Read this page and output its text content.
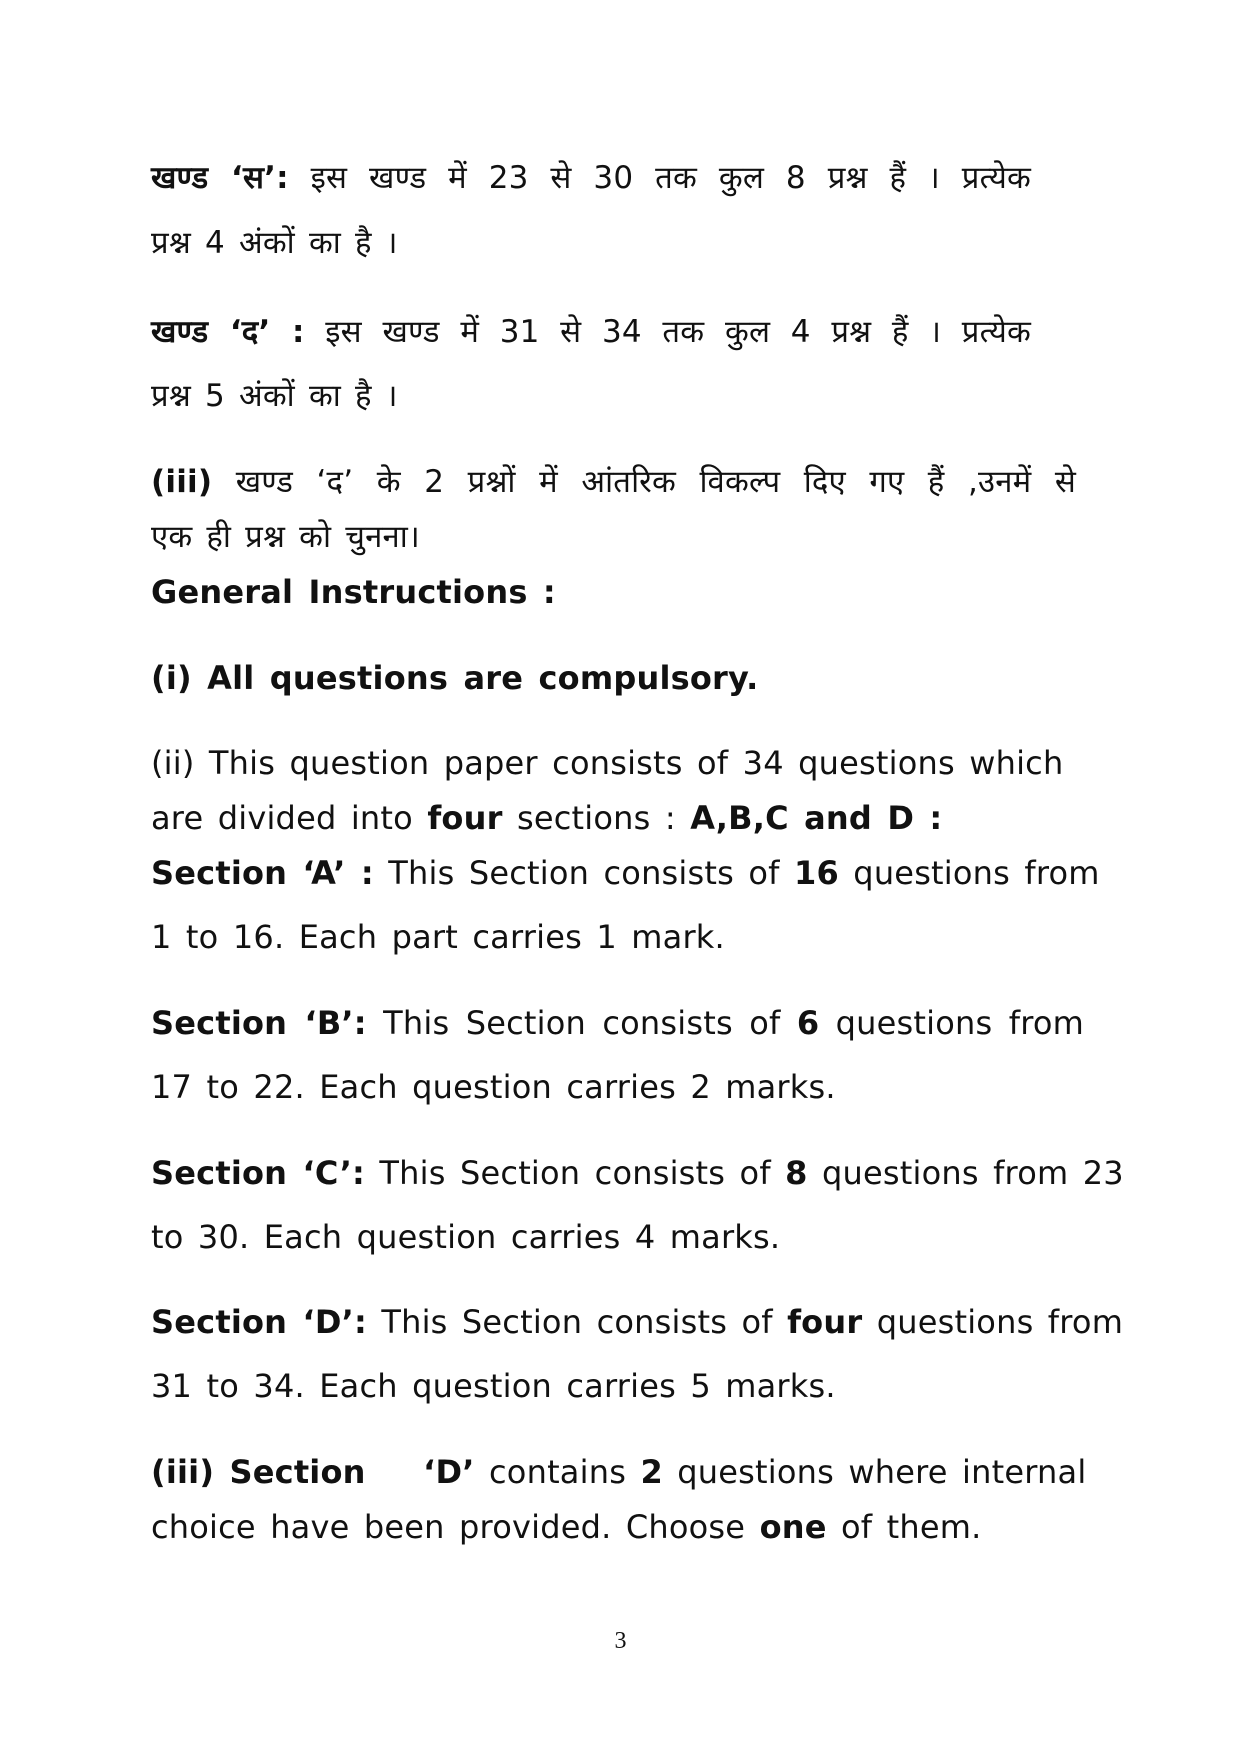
खण्ड ‘स’: इस खण्ड में 23 से 30 तक कुल 8 प्रश्न हैं । प्रत्येक
प्रश्न 4 अंकों का है ।
खण्ड ‘द’ : इस खण्ड में 31 से 34 तक कुल 4 प्रश्न हैं । प्रत्येक
प्रश्न 5 अंकों का है ।
(iii) खण्ड ‘द’ के 2 प्रश्नों में आंतरिक विकल्प दिए गए हैं ,उनमें से
एक ही प्रश्न को चुनना।
General Instructions :
(i) All questions are compulsory.
(ii) This question paper consists of 34 questions which
are divided into four sections : A,B,C and D :
Section ‘A’ : This Section consists of 16 questions from
1 to 16. Each part carries 1 mark.
Section ‘B’: This Section consists of 6 questions from
17 to 22. Each question carries 2 marks.
Section ‘C’: This Section consists of 8 questions from 23
to 30. Each question carries 4 marks.
Section ‘D’: This Section consists of four questions from
31 to 34. Each question carries 5 marks.
(iii) Section ‘D’ contains 2 questions where internal
choice have been provided. Choose one of them.
3
